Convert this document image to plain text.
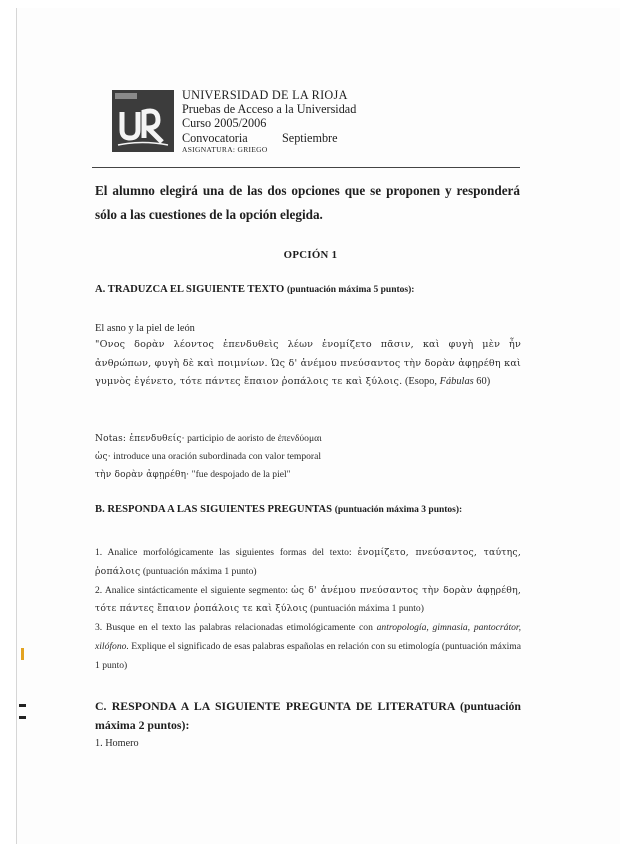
UNIVERSIDAD DE LA RIOJA
Pruebas de Acceso a la Universidad
Curso 2005/2006
Convocatoria	Septiembre
ASIGNATURA: GRIEGO
El alumno elegirá una de las dos opciones que se proponen y responderá sólo a las cuestiones de la opción elegida.
OPCIÓN 1
A. TRADUZCA EL SIGUIENTE TEXTO (puntuación máxima 5 puntos):
El asno y la piel de león
"Ονος δορὰν λέοντος ἐπενδυθεὶς λέων ἐνομίζετο πᾶσιν, καὶ φυγὴ μὲν ἦν ἀνθρώπων, φυγὴ δὲ καὶ ποιμνίων. Ὡς δ' ἀνέμου πνεύσαντος τὴν δορὰν ἀφῃρέθη καὶ γυμνὸς ἐγένετο, τότε πάντες ἔπαιον ῥοπάλοις τε καὶ ξύλοις. (Esopo, Fábulas 60)
Notas: ἐπενδυθείς· participio de aoristo de ἐπενδύομαι
ὡς· introduce una oración subordinada con valor temporal
τὴν δορὰν ἀφῃρέθη· "fue despojado de la piel"
B. RESPONDA A LAS SIGUIENTES PREGUNTAS (puntuación máxima 3 puntos):
1. Analice morfológicamente las siguientes formas del texto: ἐνομίζετο, πνεύσαντος, ταύτης, ῥοπάλοις (puntuación máxima 1 punto)
2. Analice sintácticamente el siguiente segmento: ὡς δ' ἀνέμου πνεύσαντος τὴν δορὰν ἀφῃρέθη, τότε πάντες ἔπαιον ῥοπάλοις τε καὶ ξύλοις (puntuación máxima 1 punto)
3. Busque en el texto las palabras relacionadas etimológicamente con antropología, gimnasia, pantocrátor, xilófono. Explique el significado de esas palabras españolas en relación con su etimología (puntuación máxima 1 punto)
C. RESPONDA A LA SIGUIENTE PREGUNTA DE LITERATURA (puntuación máxima 2 puntos):
1. Homero
